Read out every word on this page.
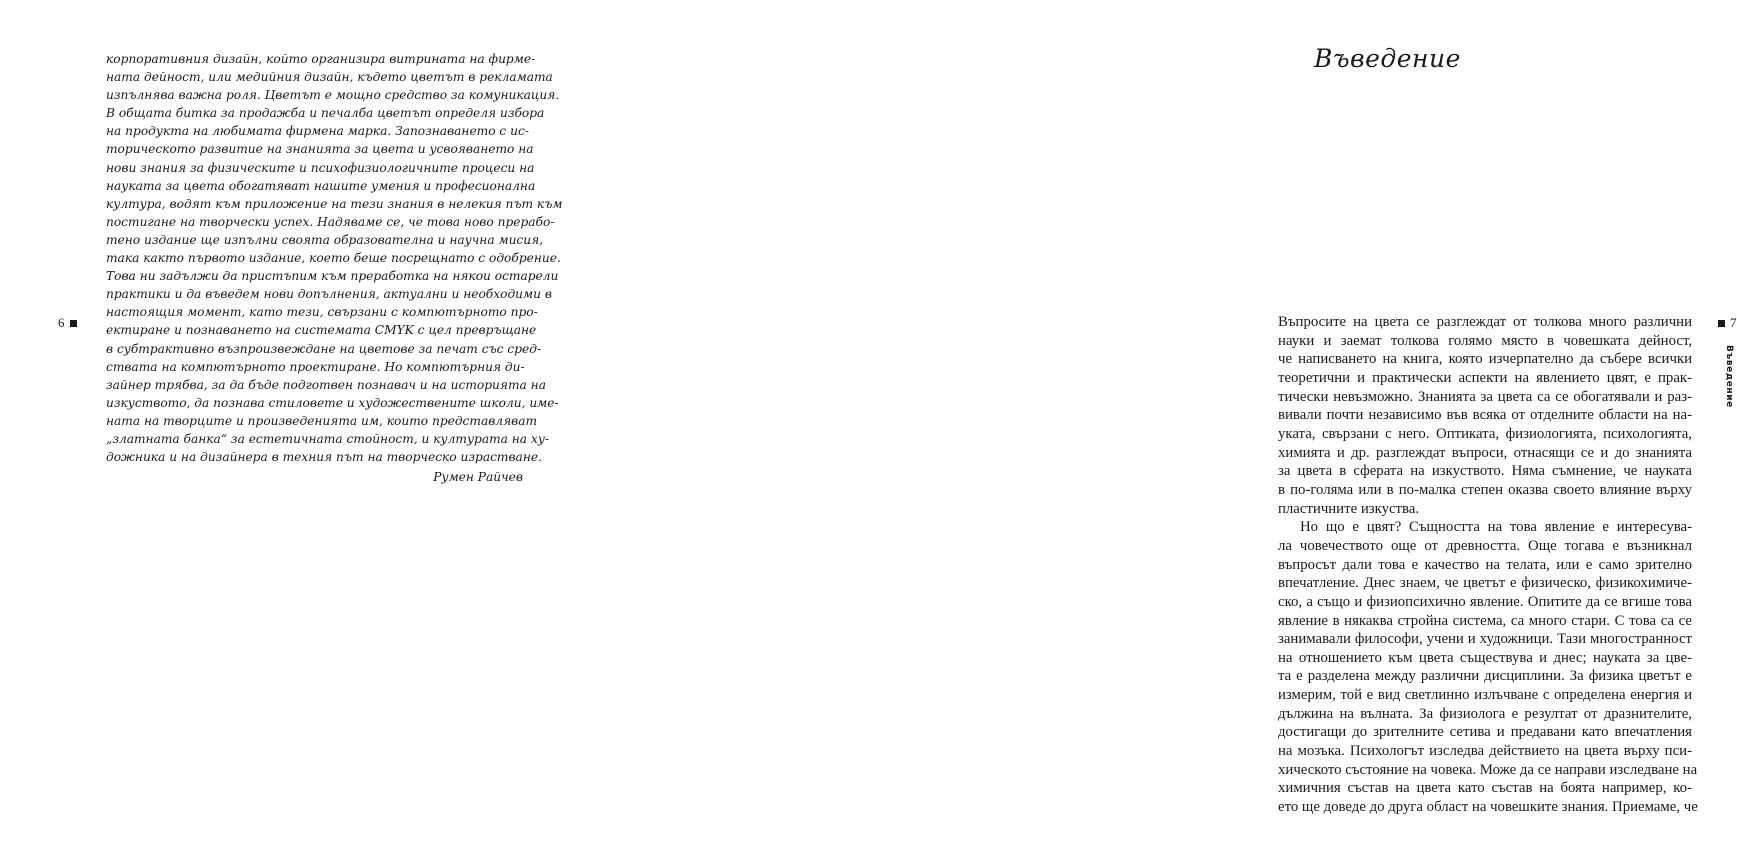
корпоративния дизайн, който организира витрината на фирме-
ната дейност, или медийния дизайн, където цветът в рекламата
изпълнява важна роля. Цветът е мощно средство за комуникация.
В общата битка за продажба и печалба цветът определя избора
на продукта на любимата фирмена марка. Запознаването с ис-
торическото развитие на знанията за цвета и усвояването на
нови знания за физическите и психофизиологичните процеси на
науката за цвета обогатяват нашите умения и професионална
култура, водят към приложение на тези знания в нелекия път към
постигане на творчески успех. Надяваме се, че това ново прерабо-
тено издание ще изпълни своята образователна и научна мисия,
така както първото издание, което беше посрещнато с одобрение.
Това ни задължи да пристъпим към преработка на някои остарели
практики и да въведем нови допълнения, актуални и необходими в
настоящия момент, като тези, свързани с компютърното про-
ектиране и познаването на системата CMYK с цел превръщане
в субтрактивно възпроизвеждане на цветове за печат със сред-
ствата на компютърното проектиране. Но компютърния ди-
зайнер трябва, за да бъде подготвен познавач и на историята на
изкуството, да познава стиловете и художествените школи, име-
ната на творците и произведенията им, които представляват
„златната банка“ за естетичната стойност, и културата на ху-
дожника и на дизайнера в техния път на творческо израстване.
Румен Райчев
6
Въведение
Въпросите на цвета се разглеждат от толкова много различни
науки и заемат толкова голямо място в човешката дейност,
че написването на книга, която изчерпателно да събере всички
теоретични и практически аспекти на явлението цвят, е прак-
тически невъзможно. Знанията за цвета са се обогатявали и раз-
вивали почти независимо във всяка от отделните области на на-
уката, свързани с него. Оптиката, физиологията, психологията,
химията и др. разглеждат въпроси, отнасящи се и до знанията
за цвета в сферата на изкуството. Няма съмнение, че науката
в по-голяма или в по-малка степен оказва своето влияние върху
пластичните изкуства.
Но що е цвят? Същността на това явление е интересува-
ла човечеството още от древността. Още тогава е възникнал
въпросът дали това е качество на телата, или е само зрително
впечатление. Днес знаем, че цветът е физическо, физикохимиче-
ско, а също и физиопсихично явление. Опитите да се вгише това
явление в някаква стройна система, са много стари. С това са се
занимавали философи, учени и художници. Тази многостранност
на отношението към цвета съществува и днес; науката за цве-
та е разделена между различни дисциплини. За физика цветът е
измерим, той е вид светлинно излъчване с определена енергия и
дължина на вълната. За физиолога е резултат от дразнителите,
достигащи до зрителните сетива и предавани като впечатления
на мозъка. Психологът изследва действието на цвета върху пси-
хическото състояние на човека. Може да се направи изследване на
химичния състав на цвета като състав на боята например, ко-
ето ще доведе до друга област на човешките знания. Приемаме, че
7
Въведение
